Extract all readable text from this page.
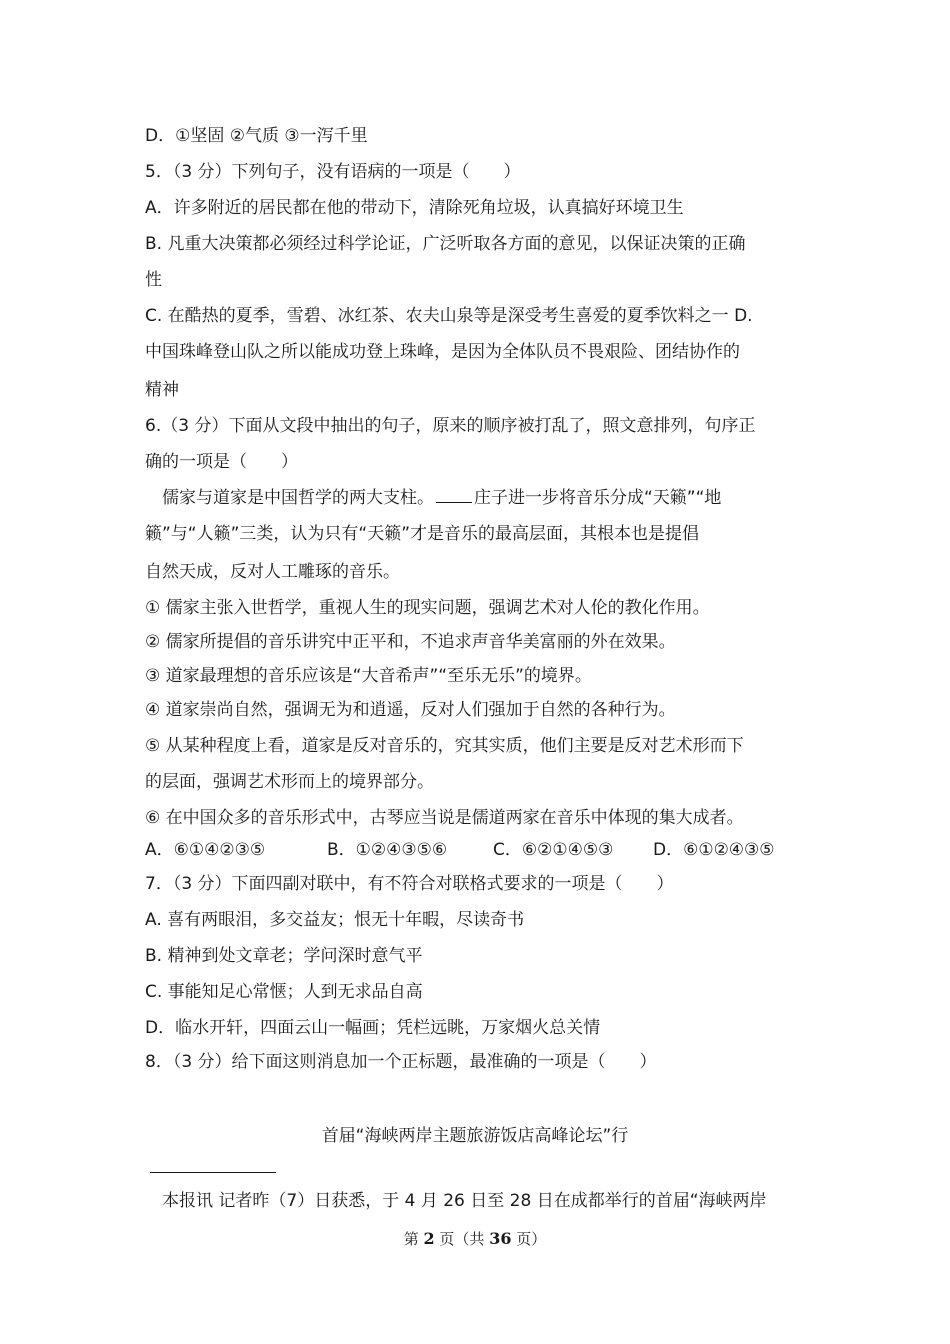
D．①坚固 ②气质 ③一泻千里
5．（3 分）下列句子，没有语病的一项是（　　）
A．许多附近的居民都在他的带动下，清除死角垃圾，认真搞好环境卫生
B. 凡重大决策都必须经过科学论证，广泛听取各方面的意见，以保证决策的正确
性
C. 在酷热的夏季，雪碧、冰红茶、农夫山泉等是深受考生喜爱的夏季饮料之一 D.
中国珠峰登山队之所以能成功登上珠峰，是因为全体队员不畏艰险、团结协作的
精神
6.（3 分）下面从文段中抽出的句子，原来的顺序被打乱了，照文意排列，句序正
确的一项是（　　）
儒家与道家是中国哲学的两大支柱。 庄子进一步将音乐分成“天籁”“地
籁”与“人籁”三类，认为只有“天籁”才是音乐的最高层面，其根本也是提倡
自然天成，反对人工雕琢的音乐。
① 儒家主张入世哲学，重视人生的现实问题，强调艺术对人伦的教化作用。
② 儒家所提倡的音乐讲究中正平和，不追求声音华美富丽的外在效果。
③ 道家最理想的音乐应该是“大音希声”“至乐无乐”的境界。
④ 道家崇尚自然，强调无为和逍遥，反对人们强加于自然的各种行为。
⑤ 从某种程度上看，道家是反对音乐的，究其实质，他们主要是反对艺术形而下
的层面，强调艺术形而上的境界部分。
⑥ 在中国众多的音乐形式中，古琴应当说是儒道两家在音乐中体现的集大成者。
A．⑥①④②③⑤	B．①②④③⑤⑥	C．⑥②①④⑤③ D．⑥①②④③⑤
7．（3 分）下面四副对联中，有不符合对联格式要求的一项是（　　）
A. 喜有两眼泪，多交益友；恨无十年暇，尽读奇书
B. 精神到处文章老；学问深时意气平
C. 事能知足心常惬；人到无求品自高
D．临水开轩，四面云山一幅画；凭栏远眺，万家烟火总关情
8．（3 分）给下面这则消息加一个正标题，最准确的一项是（　　）
首届“海峡两岸主题旅游饭店高峰论坛”行
本报讯 记者昨（7）日获悉，于 4 月 26 日至 28 日在成都举行的首届“海峡两岸
第 2 页（共 36 页）
